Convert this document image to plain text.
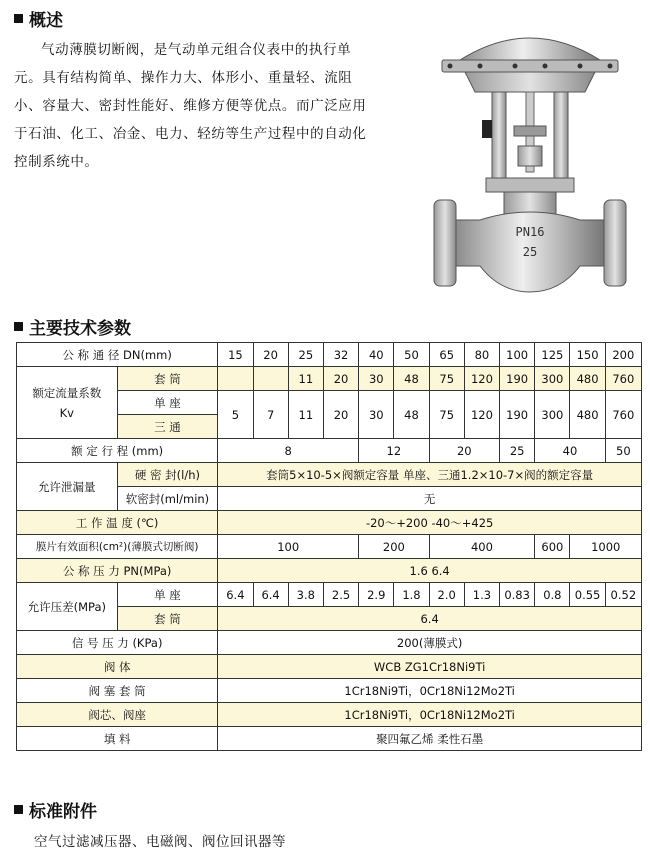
概述

气动薄膜切断阀，是气动单元组合仪表中的执行单元。具有结构简单、操作力大、体形小、重量轻、流阻小、容量大、密封性能好、维修方便等优点。而广泛应用于石油、化工、冶金、电力、轻纺等生产过程中的自动化控制系统中。

PN16
25
主要技术参数
公 称 通 径 DN(mm)		15	20	25	32	40	50	65	80	100	125	150	200
额定流量系数 Kv	套 筒			11	20	30	48	75	120	190	300	480	760
	单 座	5	7	11	20	30	48	75	120	190	300	480	760
	三 通												
额 定 行 程 (mm)		8				12		20		25	40		50
允许泄漏量	硬 密 封(l/h)	套筒5×10-5×阀额定容量 单座、三通1.2×10-7×阀的额定容量											
	软密封(ml/min)	无											
工 作 温 度 (℃)		-20～+200 -40～+425											
膜片有效面积(cm²)(薄膜式切断阀)		100				200		400			600	1000	
公 称 压 力 PN(MPa)		1.6 6.4											
允许压差(MPa)	单 座	6.4	6.4	3.8	2.5	2.9	1.8	2.0	1.3	0.83	0.8	0.55	0.52
	套 筒	6.4											
信 号 压 力 (KPa)		200(薄膜式)											
阀 体		WCB ZG1Cr18Ni9Ti											
阀 塞 套 筒		1Cr18Ni9Ti，0Cr18Ni12Mo2Ti											
阀芯、阀座		1Cr18Ni9Ti，0Cr18Ni12Mo2Ti											
填 料		聚四氟乙烯 柔性石墨											
标准附件
空气过滤减压器、电磁阀、阀位回讯器等
